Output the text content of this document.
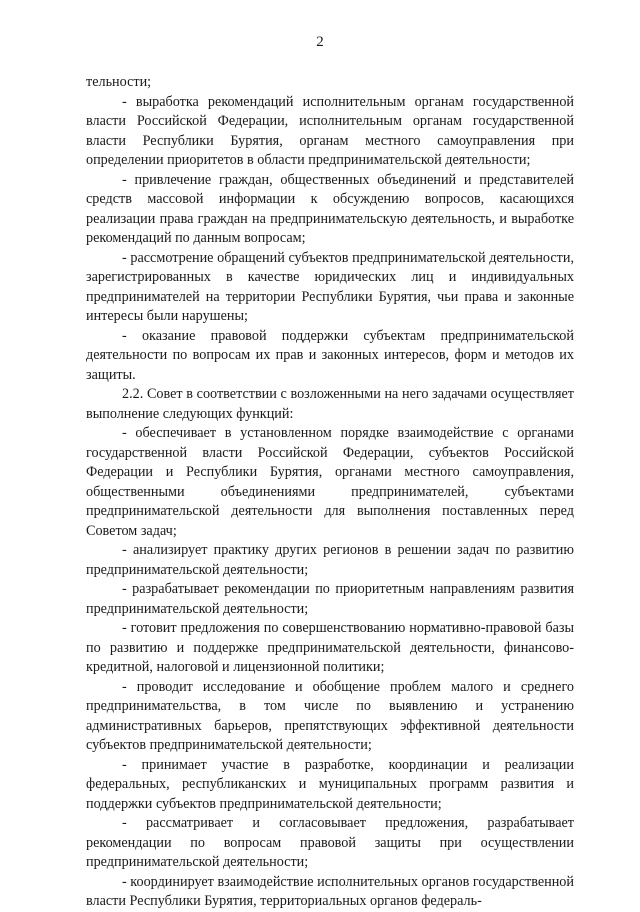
2

тельности;

- выработка рекомендаций исполнительным органам государственной власти Российской Федерации, исполнительным органам государственной власти Республики Бурятия, органам местного самоуправления при определении приоритетов в области предпринимательской деятельности;

- привлечение граждан, общественных объединений и представителей средств массовой информации к обсуждению вопросов, касающихся реализации права граждан на предпринимательскую деятельность, и выработке рекомендаций по данным вопросам;

- рассмотрение обращений субъектов предпринимательской деятельности, зарегистрированных в качестве юридических лиц и индивидуальных предпринимателей на территории Республики Бурятия, чьи права и законные интересы были нарушены;

- оказание правовой поддержки субъектам предпринимательской деятельности по вопросам их прав и законных интересов, форм и методов их защиты.

2.2. Совет в соответствии с возложенными на него задачами осуществляет выполнение следующих функций:

- обеспечивает в установленном порядке взаимодействие с органами государственной власти Российской Федерации, субъектов Российской Федерации и Республики Бурятия, органами местного самоуправления, общественными объединениями предпринимателей, субъектами предпринимательской деятельности для выполнения поставленных перед Советом задач;

- анализирует практику других регионов в решении задач по развитию предпринимательской деятельности;

- разрабатывает рекомендации по приоритетным направлениям развития предпринимательской деятельности;

- готовит предложения по совершенствованию нормативно-правовой базы по развитию и поддержке предпринимательской деятельности, финансово-кредитной, налоговой и лицензионной политики;

- проводит исследование и обобщение проблем малого и среднего предпринимательства, в том числе по выявлению и устранению административных барьеров, препятствующих эффективной деятельности субъектов предпринимательской деятельности;

- принимает участие в разработке, координации и реализации федеральных, республиканских и муниципальных программ развития и поддержки субъектов предпринимательской деятельности;

- рассматривает и согласовывает предложения, разрабатывает рекомендации по вопросам правовой защиты при осуществлении предпринимательской деятельности;

- координирует взаимодействие исполнительных органов государственной власти Республики Бурятия, территориальных органов федераль-
